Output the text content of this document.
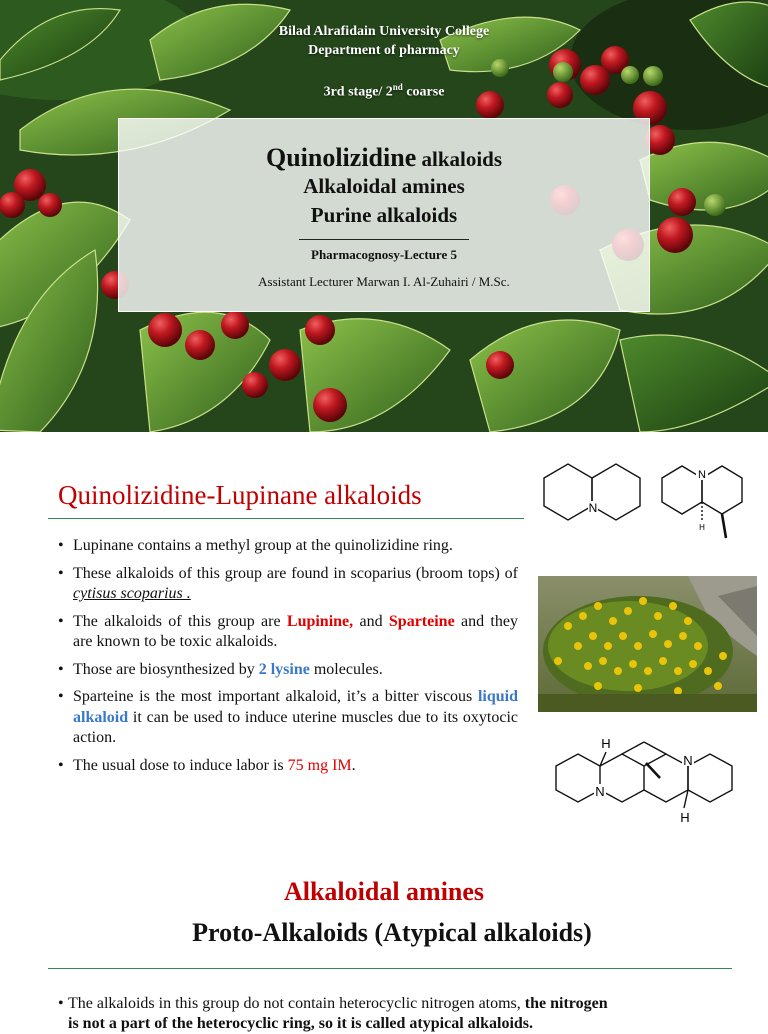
Bilad Alrafidain University College
Department of pharmacy
3rd stage/ 2nd coarse
Quinolizidine alkaloids
Alkaloidal amines
Purine alkaloids
Pharmacognosy-Lecture 5
Assistant Lecturer Marwan I. Al-Zuhairi / M.Sc.
Quinolizidine-Lupinane alkaloids
• Lupinane contains a methyl group at the quinolizidine ring.
• These alkaloids of this group are found in scoparius (broom tops) of cytisus scoparius .
• The alkaloids of this group are Lupinine, and Sparteine and they are known to be toxic alkaloids.
• Those are biosynthesized by 2 lysine molecules.
• Sparteine is the most important alkaloid, it’s a bitter viscous liquid alkaloid it can be used to induce uterine muscles due to its oxytocic action.
• The usual dose to induce labor is 75 mg IM.
N
N
H
N
N
H
H
Alkaloidal amines
Proto-Alkaloids (Atypical alkaloids)
• The alkaloids in this group do not contain heterocyclic nitrogen atoms, the nitrogen
is not a part of the heterocyclic ring, so it is called atypical alkaloids.
